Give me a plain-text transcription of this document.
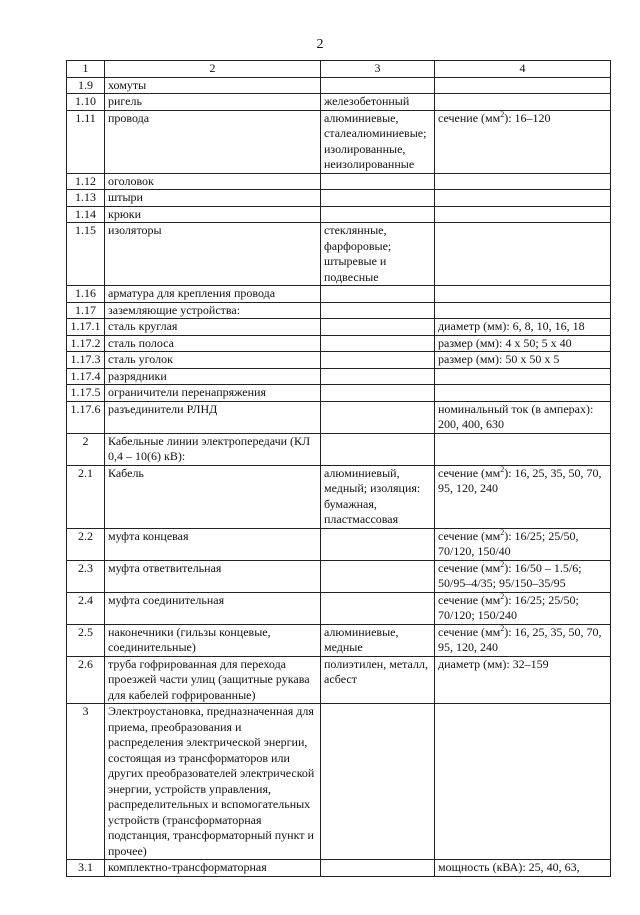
2
1	2	3	4
1.9	хомуты		
1.10	ригель	железобетонный	
1.11	провода	алюминиевые, сталеалюминиевые; изолированные, неизолированные	сечение $(мм^2)$: 16–120
1.12	оголовок		
1.13	штыри		
1.14	крюки		
1.15	изоляторы	стеклянные, фарфоровые; штыревые и подвесные	
1.16	арматура для крепления провода		
1.17	заземляющие устройства:		
1.17.1	сталь круглая		диаметр (мм): 6, 8, 10, 16, 18
1.17.2	сталь полоса		размер (мм): 4 х 50; 5 х 40
1.17.3	сталь уголок		размер (мм): 50 х 50 х 5
1.17.4	разрядники		
1.17.5	ограничители перенапряжения		
1.17.6	разъединители РЛНД		номинальный ток (в амперах): 200, 400, 630
2	Кабельные линии электропередачи (КЛ 0,4 – 10(6) кВ):		
2.1	Кабель	алюминиевый, медный; изоляция: бумажная, пластмассовая	сечение $(мм^2)$: 16, 25, 35, 50, 70, 95, 120, 240
2.2	муфта концевая		сечение $(мм^2)$: 16/25; 25/50, 70/120, 150/40
2.3	муфта ответвительная		сечение $(мм^2)$: 16/50 – 1.5/6; 50/95–4/35; 95/150–35/95
2.4	муфта соединительная		сечение $(мм^2)$: 16/25; 25/50; 70/120; 150/240
2.5	наконечники (гильзы концевые, соединительные)	алюминиевые, медные	сечение $(мм^2)$: 16, 25, 35, 50, 70, 95, 120, 240
2.6	труба гофрированная для перехода проезжей части улиц (защитные рукава для кабелей гофрированные)	полиэтилен, металл, асбест	диаметр (мм): 32–159
3	Электроустановка, предназначенная для приема, преобразования и распределения электрической энергии, состоящая из трансформаторов или других преобразователей электрической энергии, устройств управления, распределительных и вспомогательных устройств (трансформаторная подстанция, трансформаторный пункт и прочее)		
3.1	комплектно-трансформаторная		мощность (кВА): 25, 40, 63,
